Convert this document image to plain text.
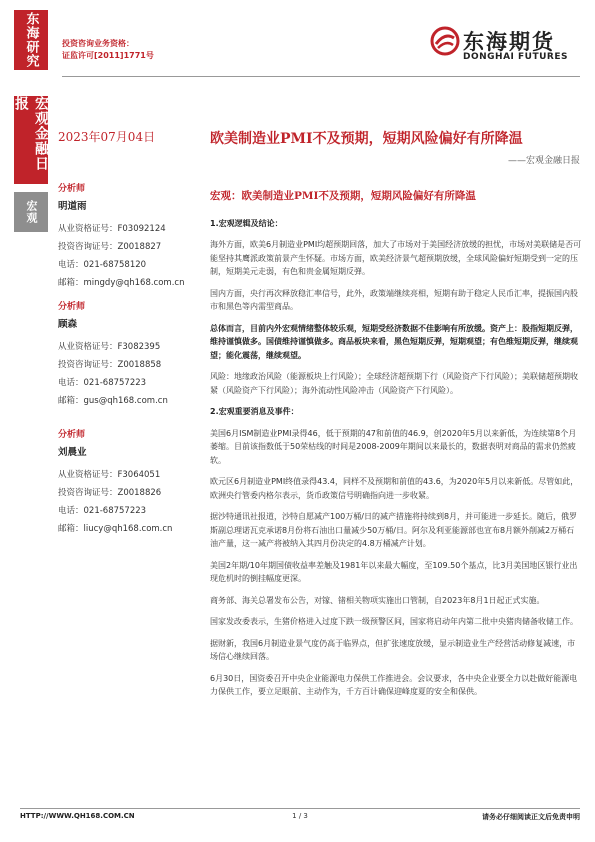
东海研究
宏观金融日报
宏观
投资咨询业务资格：
证监许可[2011]1771号
东海期货
DONGHAI FUTURES
2023年07月04日	欧美制造业PMI不及预期，短期风险偏好有所降温
——宏观金融日报
分析师
明道雨
从业资格证号：F03092124
投资咨询证号：Z0018827
电话：021-68758120
邮箱：mingdy@qh168.com.cn
分析师
顾森
从业资格证号：F3082395
投资咨询证号：Z0018858
电话：021-68757223
邮箱：gus@qh168.com.cn
分析师
刘晨业
从业资格证号：F3064051
投资咨询证号：Z0018826
电话：021-68757223
邮箱：liucy@qh168.com.cn
宏观：欧美制造业PMI不及预期，短期风险偏好有所降温
1.宏观逻辑及结论：

海外方面，欧美6月制造业PMI均超预期回落，加大了市场对于美国经济放缓的担忧，市场对美联储是否可能坚持其鹰派政策前景产生怀疑。市场方面，欧美经济景气超预期放缓，全球风险偏好短期受到一定的压制，短期美元走弱，有色和贵金属短期反弹。

国内方面，央行再次释放稳汇率信号，此外，政策端继续亮相，短期有助于稳定人民币汇率，提振国内股市和黑色等内需型商品。

总体而言，目前内外宏观情绪整体较乐观，短期受经济数据不佳影响有所放缓。资产上：股指短期反弹，维持谨慎做多。国债维持谨慎做多。商品板块来看，黑色短期反弹，短期观望；有色维短期反弹，继续观望；能化震荡，继续观望。

风险：地缘政治风险（能源板块上行风险）；全球经济超预期下行（风险资产下行风险）；美联储超预期收紧（风险资产下行风险）；海外流动性风险冲击（风险资产下行风险）。

2.宏观重要消息及事件：

美国6月ISM制造业PMI录得46，低于预期的47和前值的46.9，创2020年5月以来新低，为连续第8个月萎缩。目前该指数低于50荣枯线的时间是2008-2009年期间以来最长的，数据表明对商品的需求仍然疲软。

欧元区6月制造业PMI终值录得43.4，同样不及预期和前值的43.6，为2020年5月以来新低。尽管如此，欧洲央行管委内格尔表示，货币政策信号明确指向进一步收紧。

据沙特通讯社报道，沙特自愿减产100万桶/日的减产措施将持续到8月，并可能进一步延长。随后，俄罗斯副总理诺瓦克承诺8月份将石油出口量减少50万桶/日。阿尔及利亚能源部也宣布8月额外削减2万桶石油产量，这一减产将被纳入其四月份决定的4.8万桶减产计划。

美国2年期/10年期国债收益率差触及1981年以来最大幅度，至109.50个基点，比3月美国地区银行业出现危机时的倒挂幅度更深。

商务部、海关总署发布公告，对镓、锗相关物项实施出口管制，自2023年8月1日起正式实施。

国家发改委表示，生猪价格进入过度下跌一级预警区间，国家将启动年内第二批中央猪肉储备收储工作。

据财新，我国6月制造业景气度仍高于临界点，但扩张速度放缓，显示制造业生产经营活动修复减速，市场信心继续回落。

6月30日，国资委召开中央企业能源电力保供工作推进会。会议要求，各中央企业要全力以赴做好能源电力保供工作，要立足眼前、主动作为，千方百计确保迎峰度夏的安全和保供。

HTTP://WWW.QH168.COM.CN	1 / 3	请务必仔细阅读正文后免责申明
